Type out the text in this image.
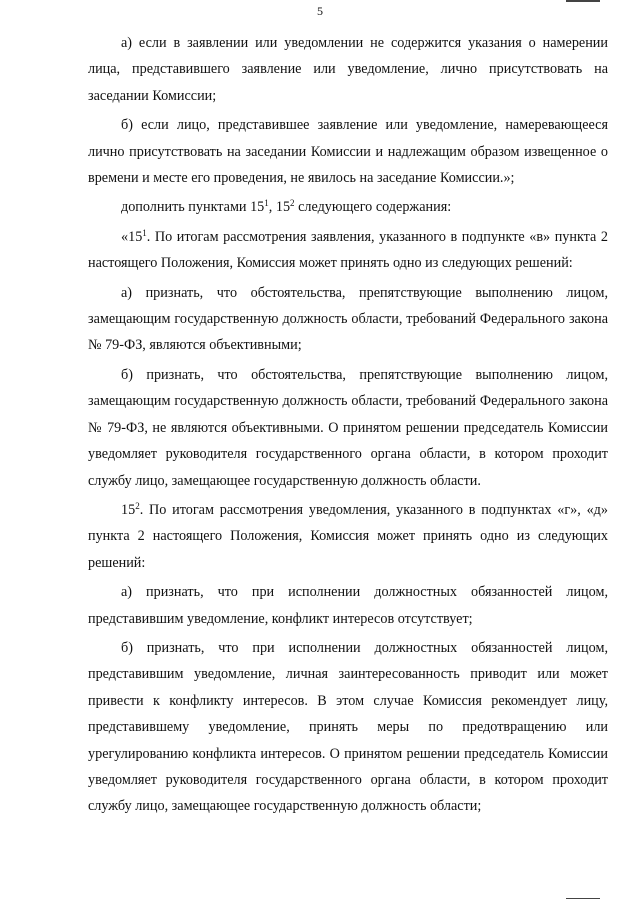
5

а) если в заявлении или уведомлении не содержится указания о намерении лица, представившего заявление или уведомление, лично присутствовать на заседании Комиссии;

б) если лицо, представившее заявление или уведомление, намеревающееся лично присутствовать на заседании Комиссии и надлежащим образом извещенное о времени и месте его проведения, не явилось на заседание Комиссии.»;

дополнить пунктами $15^1$, $15^2$ следующего содержания:

«$15^1$. По итогам рассмотрения заявления, указанного в подпункте «в» пункта 2 настоящего Положения, Комиссия может принять одно из следующих решений:

а) признать, что обстоятельства, препятствующие выполнению лицом, замещающим государственную должность области, требований Федерального закона № 79-ФЗ, являются объективными;

б) признать, что обстоятельства, препятствующие выполнению лицом, замещающим государственную должность области, требований Федерального закона № 79-ФЗ, не являются объективными. О принятом решении председатель Комиссии уведомляет руководителя государственного органа области, в котором проходит службу лицо, замещающее государственную должность области.

$15^2$. По итогам рассмотрения уведомления, указанного в подпунктах «г», «д» пункта 2 настоящего Положения, Комиссия может принять одно из следующих решений:

а) признать, что при исполнении должностных обязанностей лицом, представившим уведомление, конфликт интересов отсутствует;

б) признать, что при исполнении должностных обязанностей лицом, представившим уведомление, личная заинтересованность приводит или может привести к конфликту интересов. В этом случае Комиссия рекомендует лицу, представившему уведомление, принять меры по предотвращению или урегулированию конфликта интересов. О принятом решении председатель Комиссии уведомляет руководителя государственного органа области, в котором проходит службу лицо, замещающее государственную должность области;
